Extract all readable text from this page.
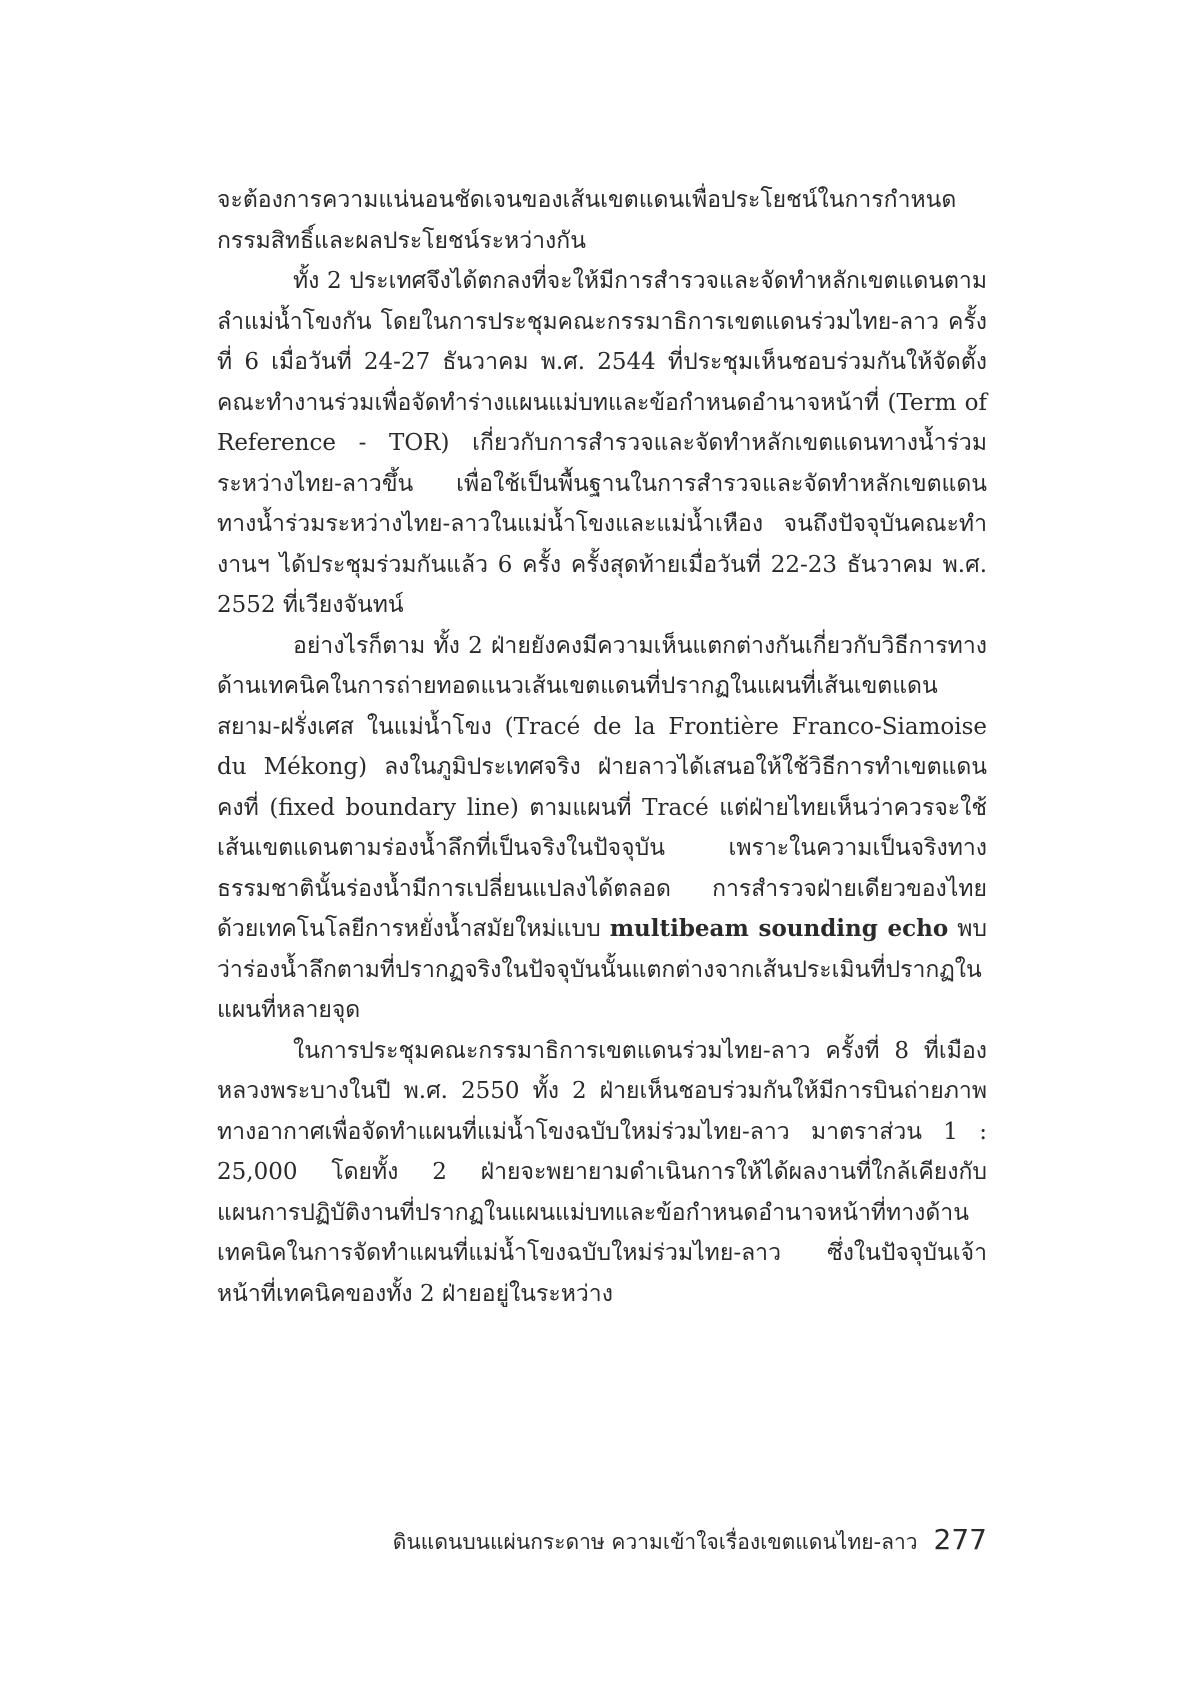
จะต้องการความแน่นอนชัดเจนของเส้นเขตแดนเพื่อประโยชน์ในการกำหนดกรรมสิทธิ์และผลประโยชน์ระหว่างกัน

ทั้ง 2 ประเทศจึงได้ตกลงที่จะให้มีการสำรวจและจัดทำหลักเขตแดนตามลำแม่น้ำโขงกัน โดยในการประชุมคณะกรรมาธิการเขตแดนร่วมไทย-ลาว ครั้งที่ 6 เมื่อวันที่ 24-27 ธันวาคม พ.ศ. 2544 ที่ประชุมเห็นชอบร่วมกันให้จัดตั้งคณะทำงานร่วมเพื่อจัดทำร่างแผนแม่บทและข้อกำหนดอำนาจหน้าที่ (Term of Reference - TOR) เกี่ยวกับการสำรวจและจัดทำหลักเขตแดนทางน้ำร่วมระหว่างไทย-ลาวขึ้น เพื่อใช้เป็นพื้นฐานในการสำรวจและจัดทำหลักเขตแดนทางน้ำร่วมระหว่างไทย-ลาวในแม่น้ำโขงและแม่น้ำเหือง จนถึงปัจจุบันคณะทำงานฯ ได้ประชุมร่วมกันแล้ว 6 ครั้ง ครั้งสุดท้ายเมื่อวันที่ 22-23 ธันวาคม พ.ศ. 2552 ที่เวียงจันทน์

อย่างไรก็ตาม ทั้ง 2 ฝ่ายยังคงมีความเห็นแตกต่างกันเกี่ยวกับวิธีการทางด้านเทคนิคในการถ่ายทอดแนวเส้นเขตแดนที่ปรากฏในแผนที่เส้นเขตแดนสยาม-ฝรั่งเศส ในแม่น้ำโขง (Tracé de la Frontière Franco-Siamoise du Mékong) ลงในภูมิประเทศจริง ฝ่ายลาวได้เสนอให้ใช้วิธีการทำเขตแดนคงที่ (fixed boundary line) ตามแผนที่ Tracé แต่ฝ่ายไทยเห็นว่าควรจะใช้เส้นเขตแดนตามร่องน้ำลึกที่เป็นจริงในปัจจุบัน เพราะในความเป็นจริงทางธรรมชาตินั้นร่องน้ำมีการเปลี่ยนแปลงได้ตลอด การสำรวจฝ่ายเดียวของไทยด้วยเทคโนโลยีการหยั่งน้ำสมัยใหม่แบบ multibeam sounding echo พบว่าร่องน้ำลึกตามที่ปรากฏจริงในปัจจุบันนั้นแตกต่างจากเส้นประเมินที่ปรากฏในแผนที่หลายจุด

ในการประชุมคณะกรรมาธิการเขตแดนร่วมไทย-ลาว ครั้งที่ 8 ที่เมืองหลวงพระบางในปี พ.ศ. 2550 ทั้ง 2 ฝ่ายเห็นชอบร่วมกันให้มีการบินถ่ายภาพทางอากาศเพื่อจัดทำแผนที่แม่น้ำโขงฉบับใหม่ร่วมไทย-ลาว มาตราส่วน 1 : 25,000 โดยทั้ง 2 ฝ่ายจะพยายามดำเนินการให้ได้ผลงานที่ใกล้เคียงกับแผนการปฏิบัติงานที่ปรากฏในแผนแม่บทและข้อกำหนดอำนาจหน้าที่ทางด้านเทคนิคในการจัดทำแผนที่แม่น้ำโขงฉบับใหม่ร่วมไทย-ลาว ซึ่งในปัจจุบันเจ้าหน้าที่เทคนิคของทั้ง 2 ฝ่ายอยู่ในระหว่าง

ดินแดนบนแผ่นกระดาษ ความเข้าใจเรื่องเขตแดนไทย-ลาว 277
